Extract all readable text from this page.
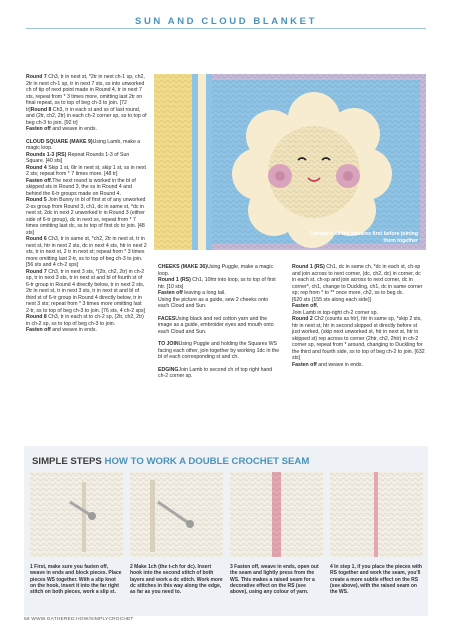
SUN AND CLOUD BLANKET

Round 7 Ch3, tr in next st, *2tr in next ch-1 sp, ch2, 2tr in next ch-1 sp, tr in next 7 sts, ss into unworked ch of tip of next point made in Round 4, tr in next 7 sts, repeat from * 3 times more, omitting last 2tr on final repeat, ss to top of beg ch-3 to join. [72 tr]Round 8 Ch3, tr in each st and ss of last round, and (2tr, ch2, 2tr) in each ch-2 corner sp, ss to top of beg ch-3 to join. [92 tr]
Fasten off and weave in ends.

CLOUD SQUARE (MAKE 9)Using Lamb, make a magic loop.
Rounds 1-3 (RS) Repeat Rounds 1-3 of Sun Square. [40 sts]
Round 4 Skip 1 st, 6tr in next st, skip 1 st, ss in next 2 sts; repeat from * 7 times more. [48 tr]
Fasten off.The next round is worked in the bl of skipped sts in Round 3, the ss in Round 4 and behind the 6-tr groups made on Round 4.
Round 5 Join Bunny in bl of first st of any unworked 2-ss group from Round 3, ch1, dc in same st, *dc in next st, 2dc in next 2 unworked tr in Round 3 (either side of 6-tr group), dc in next ss, repeat from * 7 times omitting last dc, ss to top of first dc to join. [48 sts]
Round 6 Ch3, tr in same st, *ch2, 2tr in next st, tr in next st, htr in next 2 sts, dc in next 4 sts, htr in next 2 sts, tr in next st, 2 tr in next st; repeat from * 3 times more omitting last 2-tr, ss to top of beg ch-3 to join. [56 sts and 4 ch-2 sps]
Round 7 Ch3, tr in next 3 sts, *(2tr, ch2, 2tr) in ch-2 sp, tr in next 3 sts, tr in next st and bl of fourth st of 6-tr group in Round 4 directly below, tr in next 2 sts, 2tr in next st, tr in next 3 sts, tr in next st and bl of third st of 6-tr group in Round 4 directly below, tr in next 3 sts; repeat from * 3 times more omitting last 2-tr, ss to top of beg ch-3 to join. [76 sts, 4 ch-2 sps]
Round 8 Ch3, tr in each st to ch-2 sp, (2tr, ch2, 2tr) in ch-2 sp, ss to top of beg ch-3 to join.
Fasten off and weave in ends.

Complete all the squares first before joining them together

CHEEKS (MAKE 36)Using Puggle, make a magic loop.
Round 1 (RS) Ch1, 10htr into loop, ss to top of first htr. [10 sts]
Fasten off leaving a long tail.
Using the picture as a guide, sew 2 cheeks onto each Cloud and Sun.

FACESUsing black and red cotton yarn and the image as a guide, embroider eyes and mouth onto each Cloud and Sun.

TO JOINUsing Puggle and holding the Squares WS facing each other, join together by working 1dc in the bl of each corresponding st and ch.

EDGINGJoin Lamb to second ch of top right hand ch-2 corner sp.

Round 1 (RS) Ch1, dc in same ch, *dc in each st, ch-sp and join across to next corner, (dc, ch2, dc) in corner, dc in each st, ch-sp and join across to next corner, dc in corner*, ch1, change to Duckling, ch1, dc in same corner sp; rep from * to ** once more, ch2, ss to beg dc.
[620 sts (155 sts along each side)]
Fasten off.
Join Lamb in top-right ch-2 corner sp.
Round 2 Ch2 (counts as htr), htr in same sp, *skip 2 sts, htr in next st, htr in second skipped st directly before st just worked, (skip next unworked st, htr in next st, htr in skipped st) rep across to corner (2htr, ch2, 2htr) in ch-2 corner sp, repeat from * around, changing to Duckling for the third and fourth side, ss to top of beg ch-2 to join. [632 sts]
Fasten off and weave in ends.

SIMPLE STEPS HOW TO WORK A DOUBLE CROCHET SEAM
1 First, make sure you fasten off, weave in ends and block pieces. Place pieces WS together. With a slip knot on the hook, insert it into the far right stitch on both pieces, work a slip st.
2 Make 1ch (the t-ch for dc). Insert hook into the second stitch of both layers and work a dc stitch. Work more dc stitches in this way along the edge, as far as you need to.
3 Fasten off, weave in ends, open out the seam and lightly press from the WS. This makes a raised seam for a decorative effect on the RS (see above), using any colour of yarn.
4 In step 1, if you place the pieces with RS together and work the seam, you'll create a more subtle effect on the RS (see above), with the raised seam on the WS.
56 WWW.GATHERED.HOW/SIMPLYCROCHET
